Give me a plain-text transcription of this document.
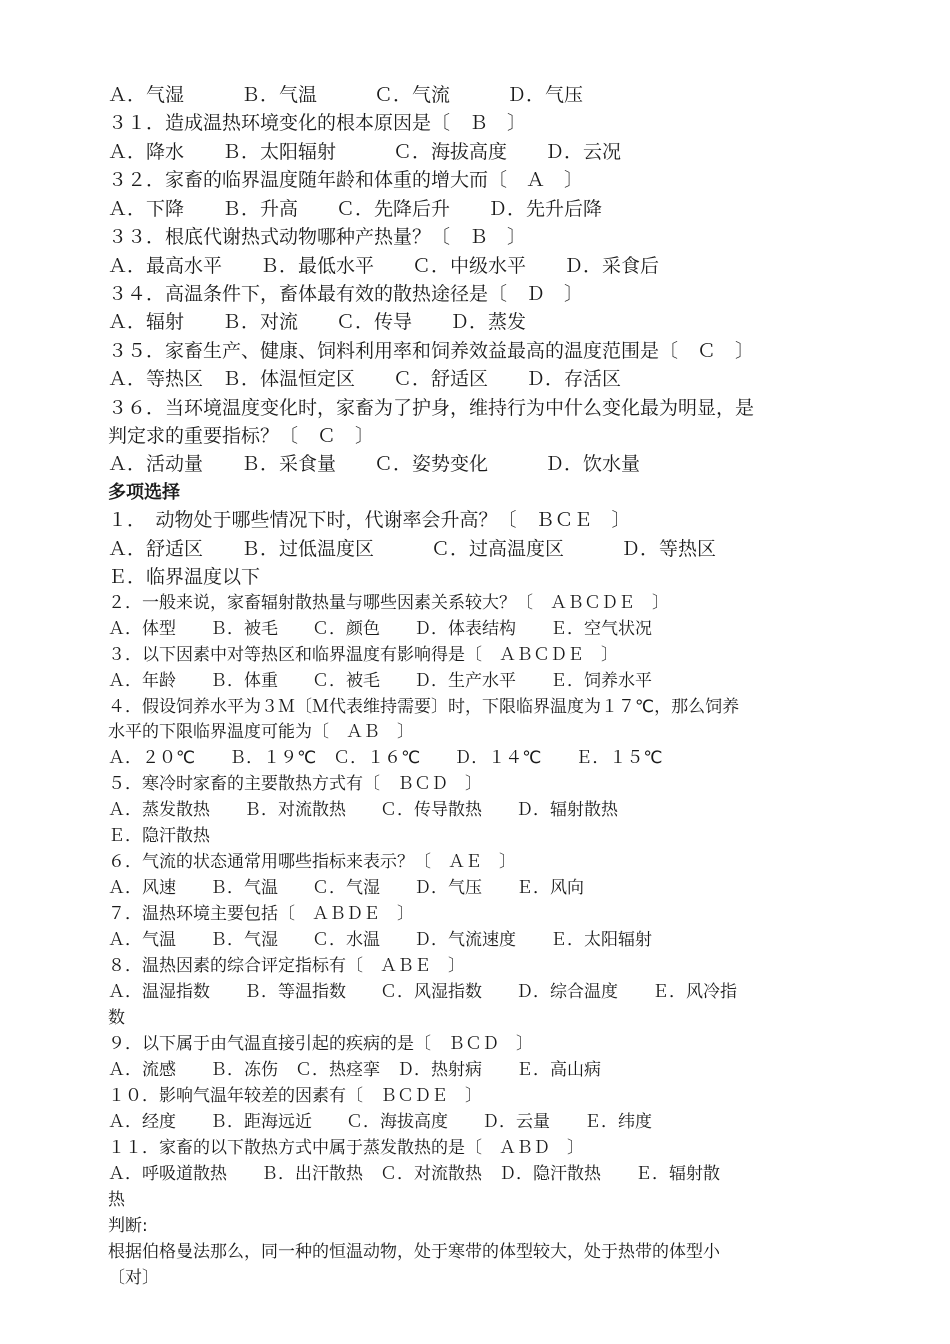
Ａ．气湿　　　Ｂ．气温　　　Ｃ．气流　　　Ｄ．气压
３１．造成温热环境变化的根本原因是〔　Ｂ　〕
Ａ．降水　　Ｂ．太阳辐射　　　Ｃ．海拔高度　　Ｄ．云况
３２．家畜的临界温度随年龄和体重的增大而〔　Ａ　〕
Ａ．下降　　Ｂ．升高　　Ｃ．先降后升　　Ｄ．先升后降
３３．根底代谢热式动物哪种产热量？〔　Ｂ　〕
Ａ．最高水平　　Ｂ．最低水平　　Ｃ．中级水平　　Ｄ．采食后
３４．高温条件下，畜体最有效的散热途径是〔　Ｄ　〕
Ａ．辐射　　Ｂ．对流　　Ｃ．传导　　Ｄ．蒸发
３５．家畜生产、健康、饲料利用率和饲养效益最高的温度范围是〔　Ｃ　〕
Ａ．等热区　Ｂ．体温恒定区　　Ｃ．舒适区　　Ｄ．存活区
３６．当环境温度变化时，家畜为了护身，维持行为中什么变化最为明显，是
判定求的重要指标？〔　Ｃ　〕
Ａ．活动量　　Ｂ．采食量　　Ｃ．姿势变化　　　Ｄ．饮水量
多项选择
１．　动物处于哪些情况下时，代谢率会升高？〔　ＢＣＥ　〕
Ａ．舒适区　　Ｂ．过低温度区　　　Ｃ．过高温度区　　　Ｄ．等热区
Ｅ．临界温度以下
２．一般来说，家畜辐射散热量与哪些因素关系较大？〔　ＡＢＣＤＥ　〕
Ａ．体型　　Ｂ．被毛　　Ｃ．颜色　　Ｄ．体表结构　　Ｅ．空气状况
３．以下因素中对等热区和临界温度有影响得是〔　ＡＢＣＤＥ　〕
Ａ．年龄　　Ｂ．体重　　Ｃ．被毛　　Ｄ．生产水平　　Ｅ．饲养水平
４．假设饲养水平为３Ｍ〔Ｍ代表维持需要〕时，下限临界温度为１７℃，那么饲养
水平的下限临界温度可能为〔　ＡＢ　〕
Ａ．２０℃　　Ｂ．１９℃　Ｃ．１６℃　　Ｄ．１４℃　　Ｅ．１５℃
５．寒冷时家畜的主要散热方式有〔　ＢＣＤ　〕
Ａ．蒸发散热　　Ｂ．对流散热　　Ｃ．传导散热　　Ｄ．辐射散热
Ｅ．隐汗散热
６．气流的状态通常用哪些指标来表示？〔　ＡＥ　〕
Ａ．风速　　Ｂ．气温　　Ｃ．气湿　　Ｄ．气压　　Ｅ．风向
７．温热环境主要包括〔　ＡＢＤＥ　〕
Ａ．气温　　Ｂ．气湿　　Ｃ．水温　　Ｄ．气流速度　　Ｅ．太阳辐射
８．温热因素的综合评定指标有〔　ＡＢＥ　〕
Ａ．温湿指数　　Ｂ．等温指数　　Ｃ．风湿指数　　Ｄ．综合温度　　Ｅ．风冷指
数
９．以下属于由气温直接引起的疾病的是〔　ＢＣＤ　〕
Ａ．流感　　Ｂ．冻伤　Ｃ．热痉挛　Ｄ．热射病　　Ｅ．高山病
１０．影响气温年较差的因素有〔　ＢＣＤＥ　〕
Ａ．经度　　Ｂ．距海远近　　Ｃ．海拔高度　　Ｄ．云量　　Ｅ．纬度
１１．家畜的以下散热方式中属于蒸发散热的是〔　ＡＢＤ　〕
Ａ．呼吸道散热　　Ｂ．出汗散热　Ｃ．对流散热　Ｄ．隐汗散热　　Ｅ．辐射散
热
判断:
根据伯格曼法那么，同一种的恒温动物，处于寒带的体型较大，处于热带的体型小
〔对〕
